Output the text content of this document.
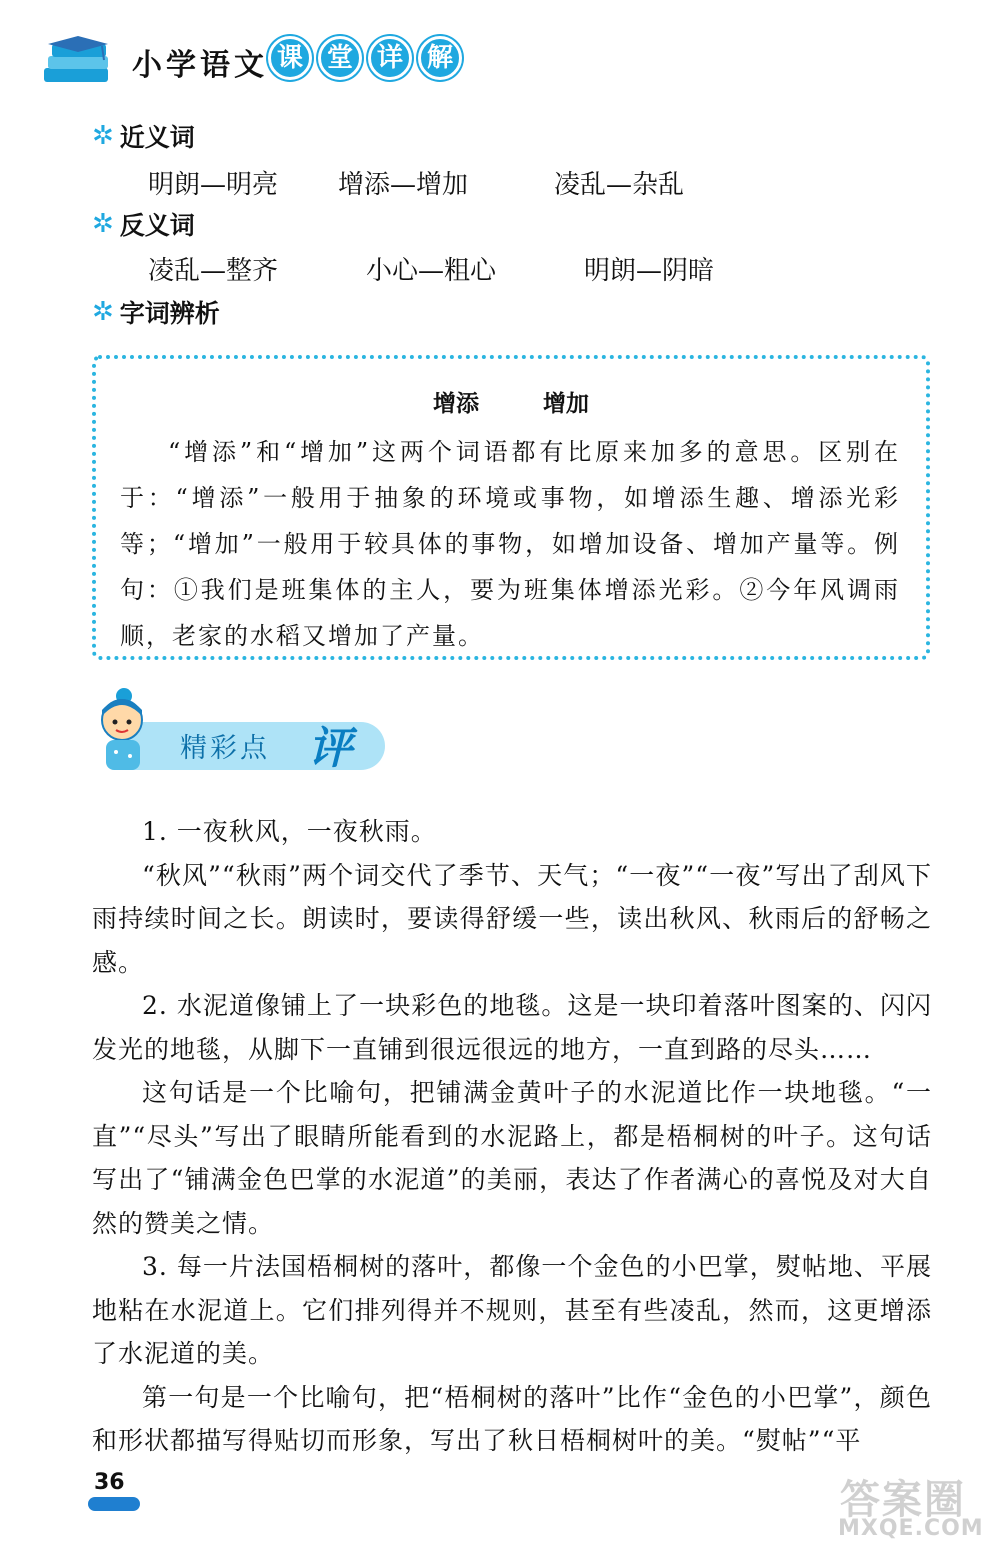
小学语文 课 堂 详 解
✲ 近义词
明朗—明亮	增添—增加	凌乱—杂乱
✲ 反义词
凌乱—整齐	小心—粗心	明朗—阴暗
✲ 字词辨析
增添	增加
“增添”和“增加”这两个词语都有比原来加多的意思。区别在于：“增添”一般用于抽象的环境或事物，如增添生趣、增添光彩等；“增加”一般用于较具体的事物，如增加设备、增加产量等。例句：①我们是班集体的主人，要为班集体增添光彩。②今年风调雨顺，老家的水稻又增加了产量。
精彩点 评

1. 一夜秋风，一夜秋雨。

“秋风”“秋雨”两个词交代了季节、天气；“一夜”“一夜”写出了刮风下雨持续时间之长。朗读时，要读得舒缓一些，读出秋风、秋雨后的舒畅之感。

2. 水泥道像铺上了一块彩色的地毯。这是一块印着落叶图案的、闪闪发光的地毯，从脚下一直铺到很远很远的地方，一直到路的尽头……

这句话是一个比喻句，把铺满金黄叶子的水泥道比作一块地毯。“一直”“尽头”写出了眼睛所能看到的水泥路上，都是梧桐树的叶子。这句话写出了“铺满金色巴掌的水泥道”的美丽，表达了作者满心的喜悦及对大自然的赞美之情。

3. 每一片法国梧桐树的落叶，都像一个金色的小巴掌，熨帖地、平展地粘在水泥道上。它们排列得并不规则，甚至有些凌乱，然而，这更增添了水泥道的美。

第一句是一个比喻句，把“梧桐树的落叶”比作“金色的小巴掌”，颜色和形状都描写得贴切而形象，写出了秋日梧桐树叶的美。“熨帖”“平

36	答案圈
MXQE.COM
